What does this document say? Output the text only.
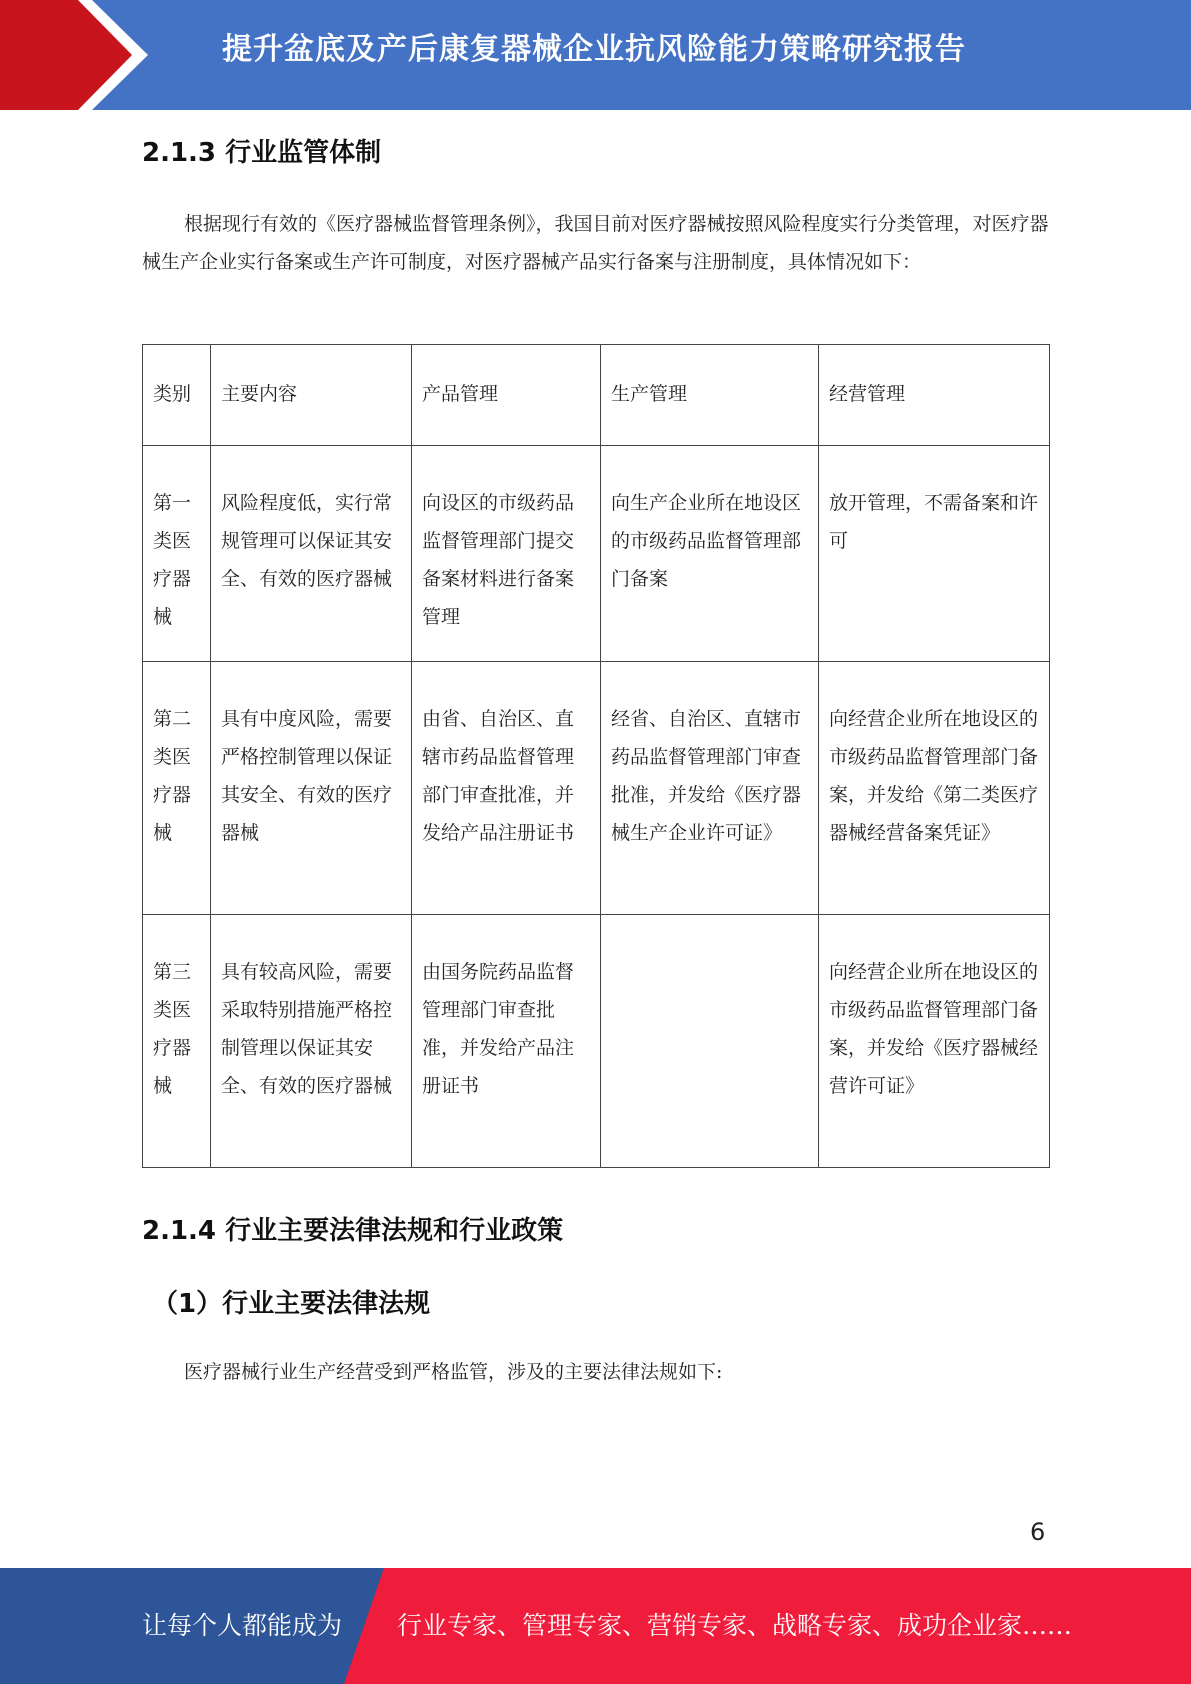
提升盆底及产后康复器械企业抗风险能力策略研究报告
2.1.3 行业监管体制
根据现行有效的《医疗器械监督管理条例》，我国目前对医疗器械按照风险程度实行分类管理，对医疗器械生产企业实行备案或生产许可制度，对医疗器械产品实行备案与注册制度，具体情况如下：
类别	主要内容	产品管理	生产管理	经营管理
第一类医疗器械	风险程度低，实行常规管理可以保证其安全、有效的医疗器械	向设区的市级药品监督管理部门提交备案材料进行备案管理	向生产企业所在地设区的市级药品监督管理部门备案	放开管理，不需备案和许可
第二类医疗器械	具有中度风险，需要严格控制管理以保证其安全、有效的医疗器械	由省、自治区、直辖市药品监督管理部门审查批准，并发给产品注册证书	经省、自治区、直辖市药品监督管理部门审查批准，并发给《医疗器械生产企业许可证》	向经营企业所在地设区的市级药品监督管理部门备案，并发给《第二类医疗器械经营备案凭证》
第三类医疗器械	具有较高风险，需要采取特别措施严格控制管理以保证其安全、有效的医疗器械	由国务院药品监督管理部门审查批准，并发给产品注册证书		向经营企业所在地设区的市级药品监督管理部门备案，并发给《医疗器械经营许可证》
2.1.4 行业主要法律法规和行业政策
（1）行业主要法律法规
医疗器械行业生产经营受到严格监管，涉及的主要法律法规如下:
6
让每个人都能成为 行业专家、管理专家、营销专家、战略专家、成功企业家……
